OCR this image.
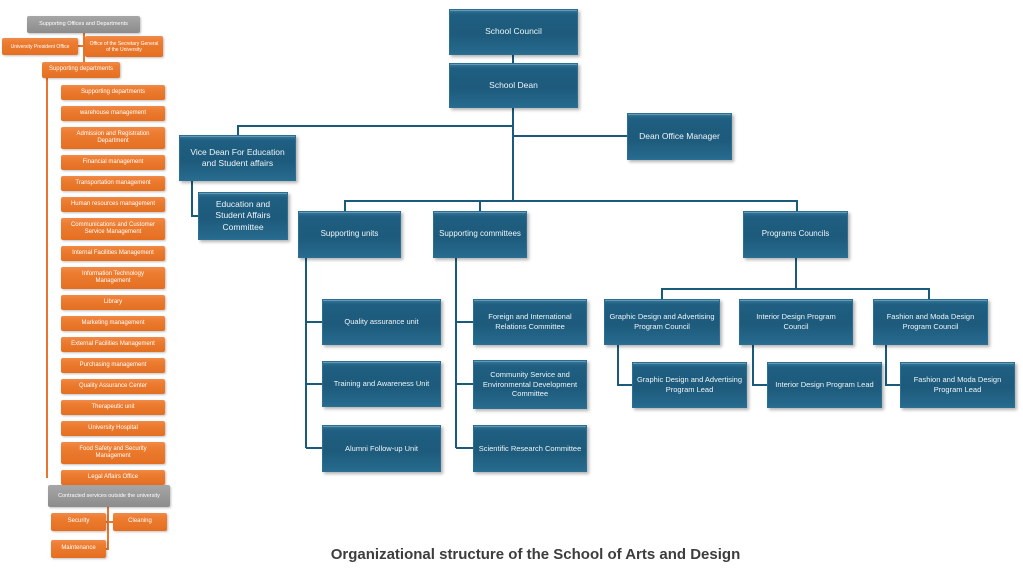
Supporting Offices and Departments
University President Office	Office of the Secretary General of the University
Supporting departments
Supporting departments
warehouse management
Admission and Registration Department
Financial management
Transportation management
Human resources management
Communications and Customer Service Management
Internal Facilities Management
Information Technology Management
Library
Marketing management
External Facilities Management
Purchasing management
Quality Assurance Center
Therapeutic unit
University Hospital
Food Safety and Security Management
Legal Affairs Office
Contracted services outside the university
Security	Cleaning
Maintenance
School Council
School Dean
Dean Office Manager
Vice Dean For Education and Student affairs
Education and Student Affairs Committee
Supporting units	Supporting committees	Programs Councils
Quality assurance unit
Training and Awareness Unit
Alumni Follow-up Unit
Foreign and International Relations Committee
Community Service and Environmental Development Committee
Scientific Research Committee
Graphic Design and Advertising Program Council
Interior Design Program Council
Fashion and Moda Design Program Council
Graphic Design and Advertising Program Lead
Interior Design Program Lead
Fashion and Moda Design Program Lead
Organizational structure of the School of Arts and Design
